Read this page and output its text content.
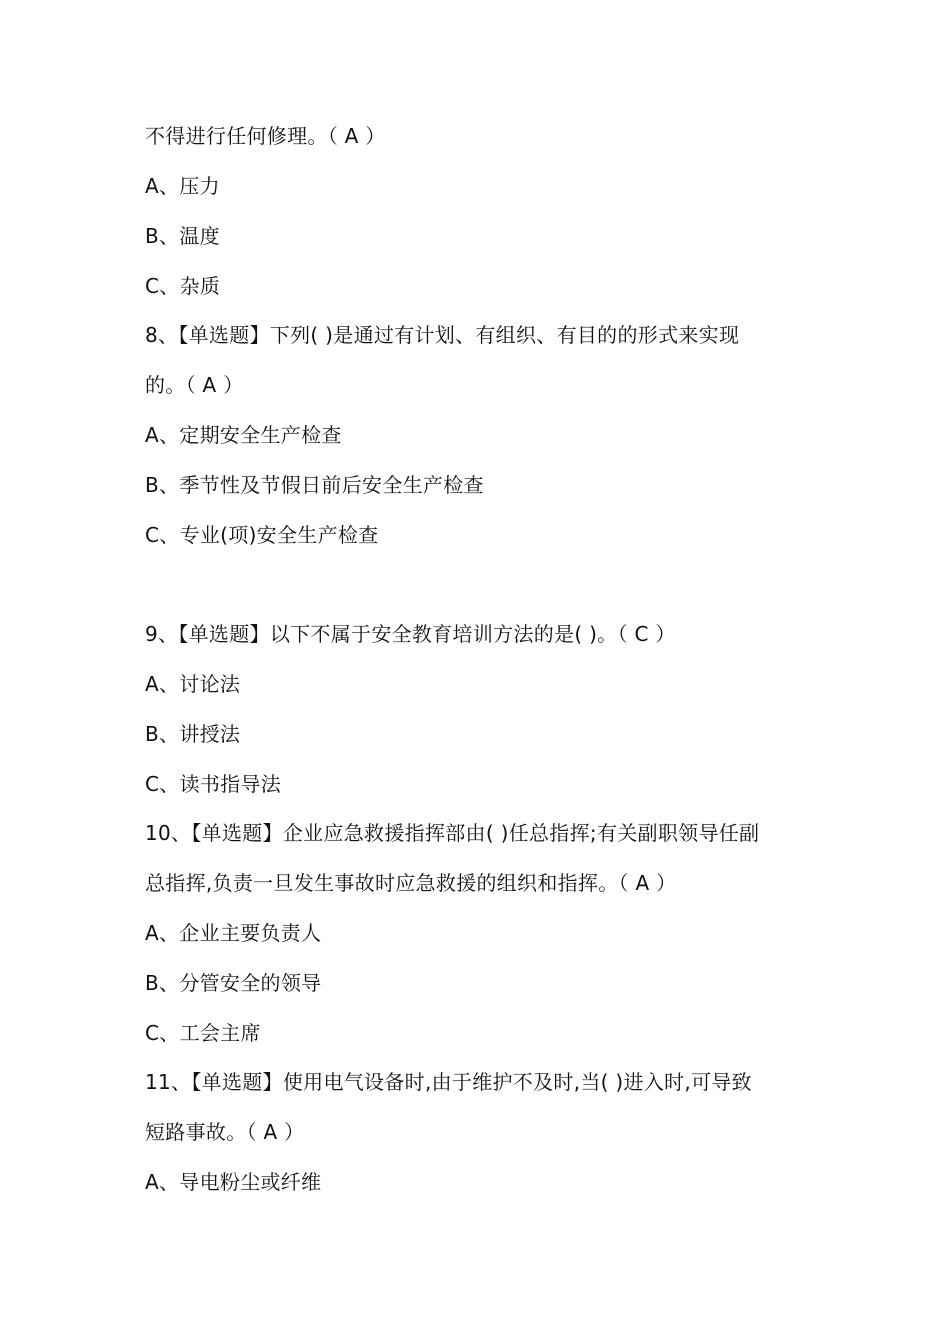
不得进行任何修理。（ A ）
A、压力
B、温度
C、杂质
8、【单选题】下列( )是通过有计划、有组织、有目的的形式来实现
的。（ A ）
A、定期安全生产检查
B、季节性及节假日前后安全生产检查
C、专业(项)安全生产检查
9、【单选题】以下不属于安全教育培训方法的是( )。（ C ）
A、讨论法
B、讲授法
C、读书指导法
10、【单选题】企业应急救援指挥部由( )任总指挥;有关副职领导任副
总指挥,负责一旦发生事故时应急救援的组织和指挥。（ A ）
A、企业主要负责人
B、分管安全的领导
C、工会主席
11、【单选题】使用电气设备时,由于维护不及时,当( )进入时,可导致
短路事故。（ A ）
A、导电粉尘或纤维
